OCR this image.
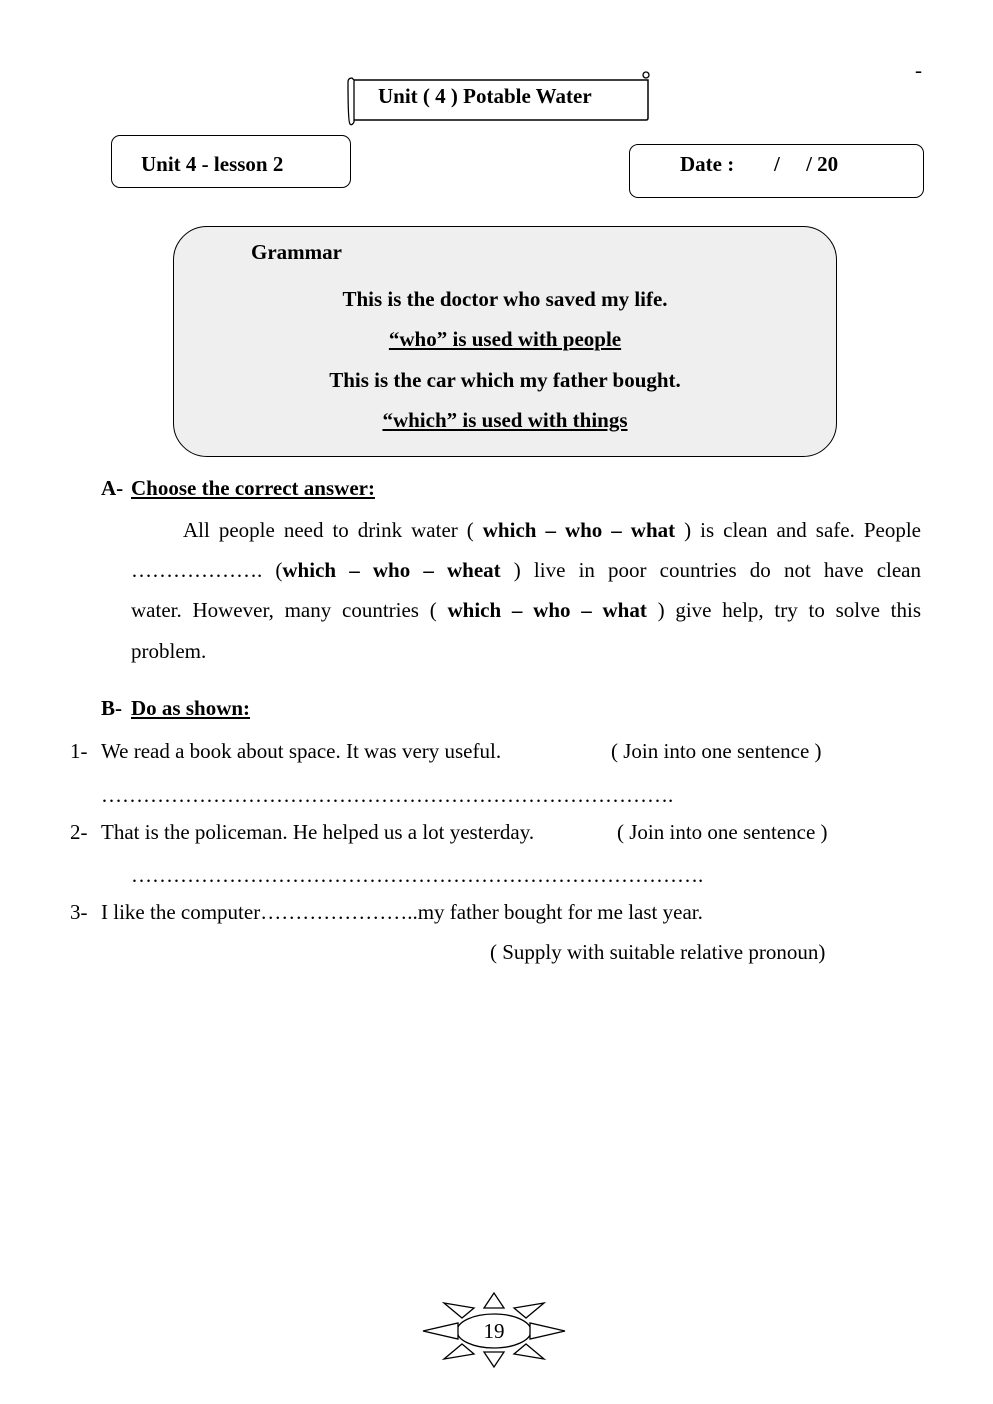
-
Unit ( 4 ) Potable Water
Unit 4 - lesson 2	Date : /     / 20
Grammar
This is the doctor who saved my life.
“who” is used with people
This is the car which my father bought.
“which” is used with things
A- Choose the correct answer:
All people need to drink water ( which – who – what ) is clean and safe. People
………………. (which – who – wheat ) live in poor countries do not have clean
water. However, many countries ( which – who – what ) give help, try to solve this
problem.
B- Do as shown:
1- We read a book about space. It was very useful.	( Join into one sentence )
……………………………………………………………………….
2- That is the policeman. He helped us a lot yesterday.	( Join into one sentence )
……………………………………………………………………….
3- I like the computer…………………..my father bought for me last year.
( Supply with suitable relative pronoun)
19
